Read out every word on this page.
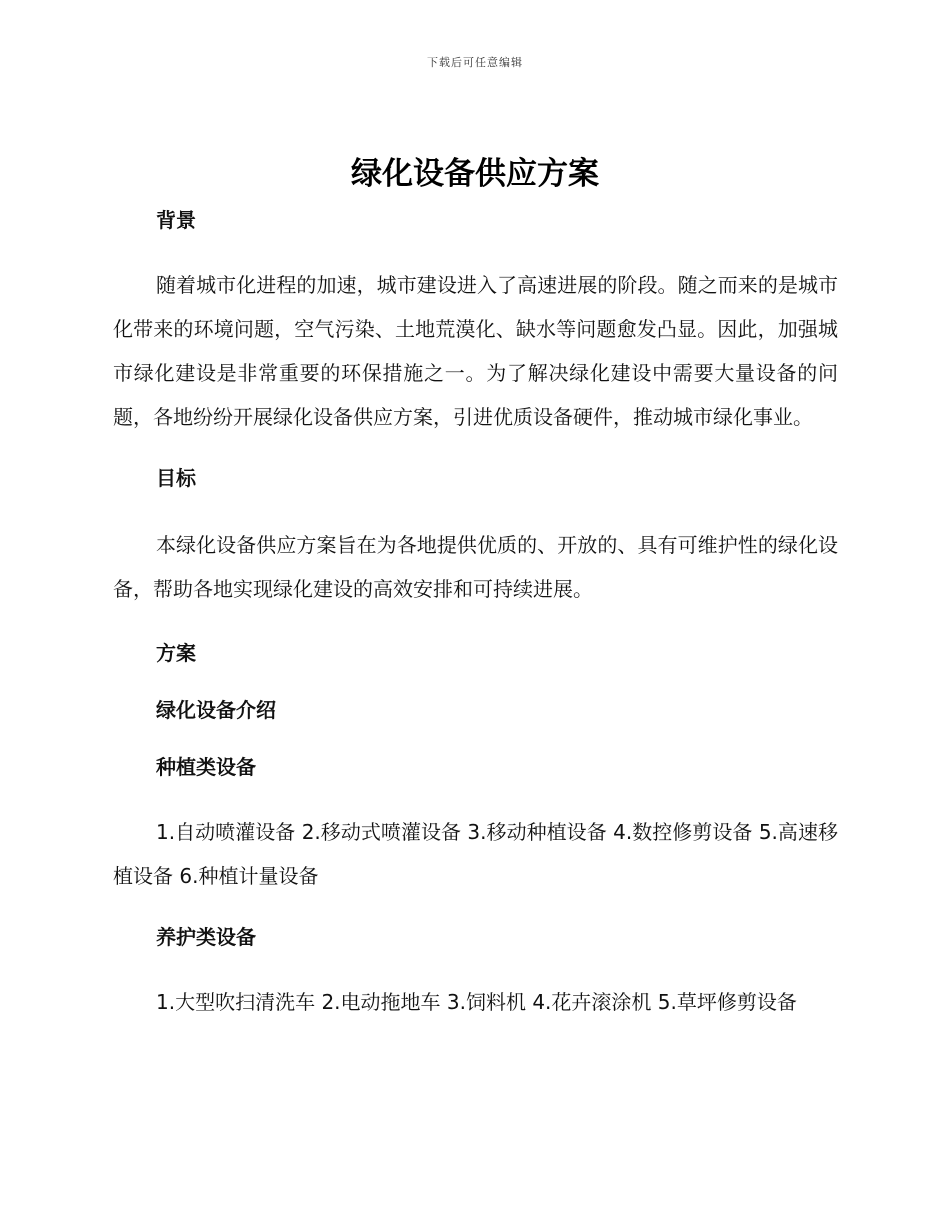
下载后可任意编辑
绿化设备供应方案

背景

随着城市化进程的加速，城市建设进入了高速进展的阶段。随之而来的是城市化带来的环境问题，空气污染、土地荒漠化、缺水等问题愈发凸显。因此，加强城市绿化建设是非常重要的环保措施之一。为了解决绿化建设中需要大量设备的问题，各地纷纷开展绿化设备供应方案，引进优质设备硬件，推动城市绿化事业。

目标

本绿化设备供应方案旨在为各地提供优质的、开放的、具有可维护性的绿化设备，帮助各地实现绿化建设的高效安排和可持续进展。

方案

绿化设备介绍

种植类设备

1.自动喷灌设备 2.移动式喷灌设备 3.移动种植设备 4.数控修剪设备 5.高速移植设备 6.种植计量设备

养护类设备

1.大型吹扫清洗车 2.电动拖地车 3.饲料机 4.花卉滚涂机 5.草坪修剪设备
